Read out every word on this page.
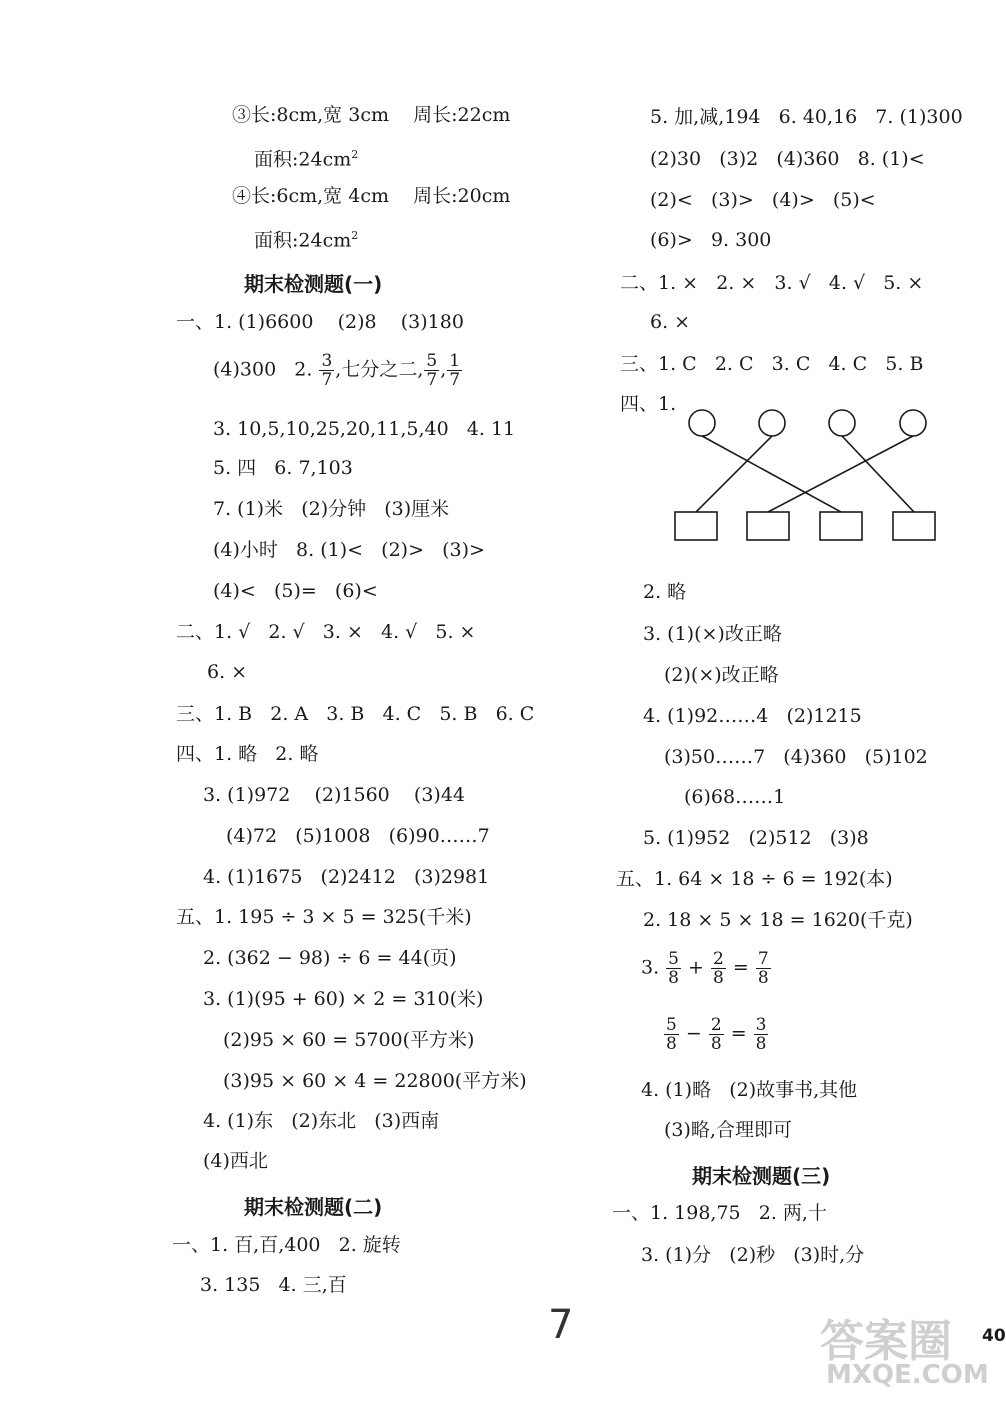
③长:8cm,宽 3cm    周长:22cm
面积$:24cm^2$
④长:6cm,宽 4cm    周长:20cm
面积$:24cm^2$
期末检测题(一)
一、1. (1)6600    (2)8    (3)180
(4)300   2. $\frac{3}{7}$ ,七分之二, $\frac{5}{7}$ , $\frac{1}{7}$
3. 10,5,10,25,20,11,5,40   4. 11
5. 四   6. 7,103
7. (1)米   (2)分钟   (3)厘米
(4)小时   8. (1)<   (2)>   (3)>
(4)<   (5)=   (6)<
二、1. √   2. √   3. ×   4. √   5. ×
6. ×
三、1. B   2. A   3. B   4. C   5. B   6. C
四、1. 略   2. 略
3. (1)972    (2)1560    (3)44
(4)72   (5)1008   (6)90……7
4. (1)1675   (2)2412   (3)2981
五、1. 195 ÷ 3 × 5 = 325(千米)
2. (362 − 98) ÷ 6 = 44(页)
3. (1)(95 + 60) × 2 = 310(米)
(2)95 × 60 = 5700(平方米)
(3)95 × 60 × 4 = 22800(平方米)
4. (1)东   (2)东北   (3)西南
(4)西北
期末检测题(二)
一、1. 百,百,400   2. 旋转
3. 135   4. 三,百
5. 加,减,194   6. 40,16   7. (1)300
(2)30   (3)2   (4)360   8. (1)<
(2)<   (3)>   (4)>   (5)<
(6)>   9. 300
二、1. ×   2. ×   3. √   4. √   5. ×
6. ×
三、1. C   2. C   3. C   4. C   5. B
四、1.
2. 略
3. (1)(×)改正略
(2)(×)改正略
4. (1)92……4   (2)1215
(3)50……7   (4)360   (5)102
(6)68……1
5. (1)952   (2)512   (3)8
五、1. 64 × 18 ÷ 6 = 192(本)
2. 18 × 5 × 18 = 1620(千克)
3. $\frac{5}{8} + \frac{2}{8} = \frac{7}{8}$
$\frac{5}{8} - \frac{2}{8} = \frac{3}{8}$
4. (1)略   (2)故事书,其他
(3)略,合理即可
期末检测题(三)
一、1. 198,75   2. 两,十
3. (1)分   (2)秒   (3)时,分
7	40
答案圈
MXQE.COM
